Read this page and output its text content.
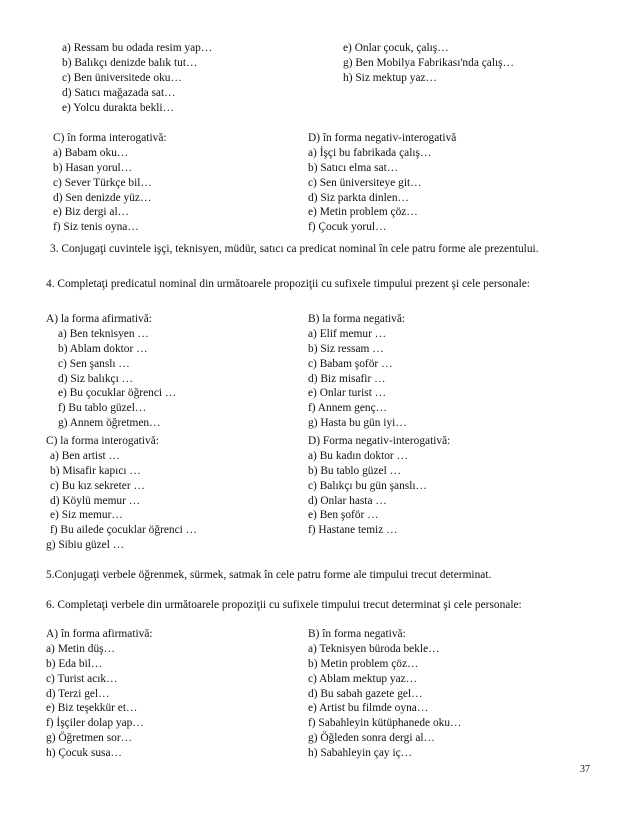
a) Ressam bu odada resim yap…
b) Balıkçı denizde balık tut…
c) Ben üniversitede oku…
d) Satıcı mağazada sat…
e) Yolcu durakta bekli…
e) Onlar çocuk, çalış…
g) Ben Mobilya Fabrikası'nda çalış…
h) Siz mektup yaz…
C) în forma interogativă:
a) Babam oku…
b) Hasan yorul…
c) Sever Türkçe bil…
d) Sen denizde yüz…
e) Biz dergi al…
f) Siz tenis oyna…
D) în forma negativ-interogativă
a) İşçi bu fabrikada çalış…
b) Satıcı elma sat…
c) Sen üniversiteye git…
d) Siz parkta dinlen…
e) Metin problem çöz…
f) Çocuk yorul…
3. Conjugaţi cuvintele işçi, teknisyen, müdür, satıcı ca predicat nominal în cele patru forme ale prezentului.
4. Completaţi predicatul nominal din următoarele propoziţii cu sufixele timpului prezent şi cele personale:
A) la forma afirmativă:
a) Ben teknisyen …
b) Ablam doktor …
c) Sen şanslı …
d) Siz balıkçı …
e) Bu çocuklar öğrenci …
f) Bu tablo güzel…
g) Annem öğretmen…
B) la forma negativă:
a) Elif memur …
b) Siz ressam …
c) Babam şoför …
d) Biz misafir …
e) Onlar turist …
f) Annem genç…
g) Hasta bu gün iyi…
C) la forma interogativă:
a) Ben artist …
b) Misafir kapıcı …
c) Bu kız sekreter …
d) Köylü memur …
e) Siz memur…
f) Bu ailede çocuklar öğrenci …
g) Sibiu güzel …
D) Forma negativ-interogativă:
a) Bu kadın doktor …
b) Bu tablo güzel …
c) Balıkçı bu gün şanslı…
d) Onlar hasta …
e) Ben şoför …
f) Hastane temiz …
5.Conjugaţi verbele öğrenmek, sürmek, satmak în cele patru forme ale timpului trecut determinat.
6. Completaţi verbele din următoarele propoziţii cu sufixele timpului trecut determinat şi cele personale:
A) în forma afirmativă:
a) Metin düş…
b) Eda bil…
c) Turist acık…
d) Terzi gel…
e) Biz teşekkür et…
f) İşçiler dolap yap…
g) Öğretmen sor…
h) Çocuk susa…
B) în forma negativă:
a) Teknisyen büroda bekle…
b) Metin problem çöz…
c) Ablam mektup yaz…
d) Bu sabah gazete gel…
e) Artist bu filmde oyna…
f) Sabahleyin kütüphanede oku…
g) Öğleden sonra dergi al…
h) Sabahleyin çay iç…
37
